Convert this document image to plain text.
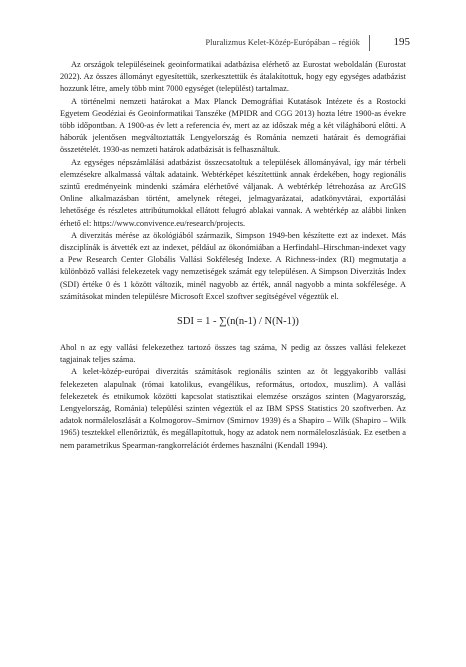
Pluralizmus Kelet-Közép-Európában – régiók	195

Az országok településeinek geoinformatikai adatbázisa elérhető az Eurostat weboldalán (Eurostat 2022). Az összes állományt egyesítettük, szerkesztettük és átalakítottuk, hogy egy egységes adatbázist hozzunk létre, amely több mint 7000 egységet (települést) tartalmaz.

A történelmi nemzeti határokat a Max Planck Demográfiai Kutatások Intézete és a Rostocki Egyetem Geodéziai és Geoinformatikai Tanszéke (MPIDR and CGG 2013) hozta létre 1900-as évekre több időpontban. A 1900-as év lett a referencia év, mert az az időszak még a két világháború előtti. A háborúk jelentősen megváltoztatták Lengyelország és Románia nemzeti határait és demográfiai összetételét. 1930-as nemzeti határok adatbázisát is felhasználtuk.

Az egységes népszámlálási adatbázist összecsatoltuk a települések állományával, így már térbeli elemzésekre alkalmassá váltak adataink. Webtérképet készítettünk annak érdekében, hogy regionális szintű eredményeink mindenki számára elérhetővé váljanak. A webtérkép létrehozása az ArcGIS Online alkalmazásban történt, amelynek rétegei, jelmagyarázatai, adatkönyvtárai, exportálási lehetősége és részletes attribútumokkal ellátott felugró ablakai vannak. A webtérkép az alábbi linken érhető el: https://www.convivence.eu/research/projects.

A diverzitás mérése az ökológiából származik, Simpson 1949-ben készítette ezt az indexet. Más diszciplínák is átvették ezt az indexet, például az ökonómiában a Herfindahl–Hirschman-indexet vagy a Pew Research Center Globális Vallási Sokféleség Indexe. A Richness-index (RI) megmutatja a különböző vallási felekezetek vagy nemzetiségek számát egy településen. A Simpson Diverzitás Index (SDI) értéke 0 és 1 között változik, minél nagyobb az érték, annál nagyobb a minta sokfélesége. A számításokat minden településre Microsoft Excel szoftver segítségével végeztük el.

SDI = 1 - ∑(n(n-1) / N(N-1))

Ahol n az egy vallási felekezethez tartozó összes tag száma, N pedig az összes vallási felekezet tagjainak teljes száma.

A kelet-közép-európai diverzitás számítások regionális szinten az öt leggyakoribb vallási felekezeten alapulnak (római katolikus, evangélikus, református, ortodox, muszlim). A vallási felekezetek és etnikumok közötti kapcsolat statisztikai elemzése országos szinten (Magyarország, Lengyelország, Románia) települési szinten végeztük el az IBM SPSS Statistics 20 szoftverben. Az adatok normáleloszlását a Kolmogorov–Smirnov (Smirnov 1939) és a Shapiro – Wilk (Shapiro – Wilk 1965) tesztekkel ellenőriztük, és megállapítottuk, hogy az adatok nem normáleloszlásúak. Ez esetben a nem parametrikus Spearman-rangkorrelációt érdemes használni (Kendall 1994).
